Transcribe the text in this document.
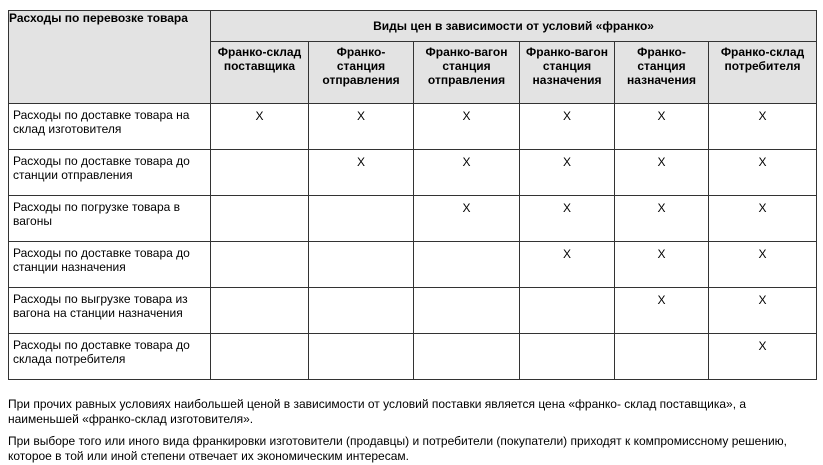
Расходы по перевозке товара	Виды цен в зависимости от условий «франко»					
	Франко-склад поставщика	Франко-станция отправления	Франко-вагон станция отправления	Франко-вагон станция назначения	Франко-станция назначения	Франко-склад потребителя
Расходы по доставке товара на склад изготовителя	X	X	X	X	X	X
Расходы по доставке товара до станции отправления		X	X	X	X	X
Расходы по погрузке товара в вагоны			X	X	X	X
Расходы по доставке товара до станции назначения				X	X	X
Расходы по выгрузке товара из вагона на станции назначения					X	X
Расходы по доставке товара до склада потребителя						X

При прочих равных условиях наибольшей ценой в зависимости от условий поставки является цена «франко- склад поставщика», а наименьшей «франко-склад изготовителя».

При выборе того или иного вида франкировки изготовители (продавцы) и потребители (покупатели) приходят к компромиссному решению, которое в той или иной степени отвечает их экономическим интересам.
